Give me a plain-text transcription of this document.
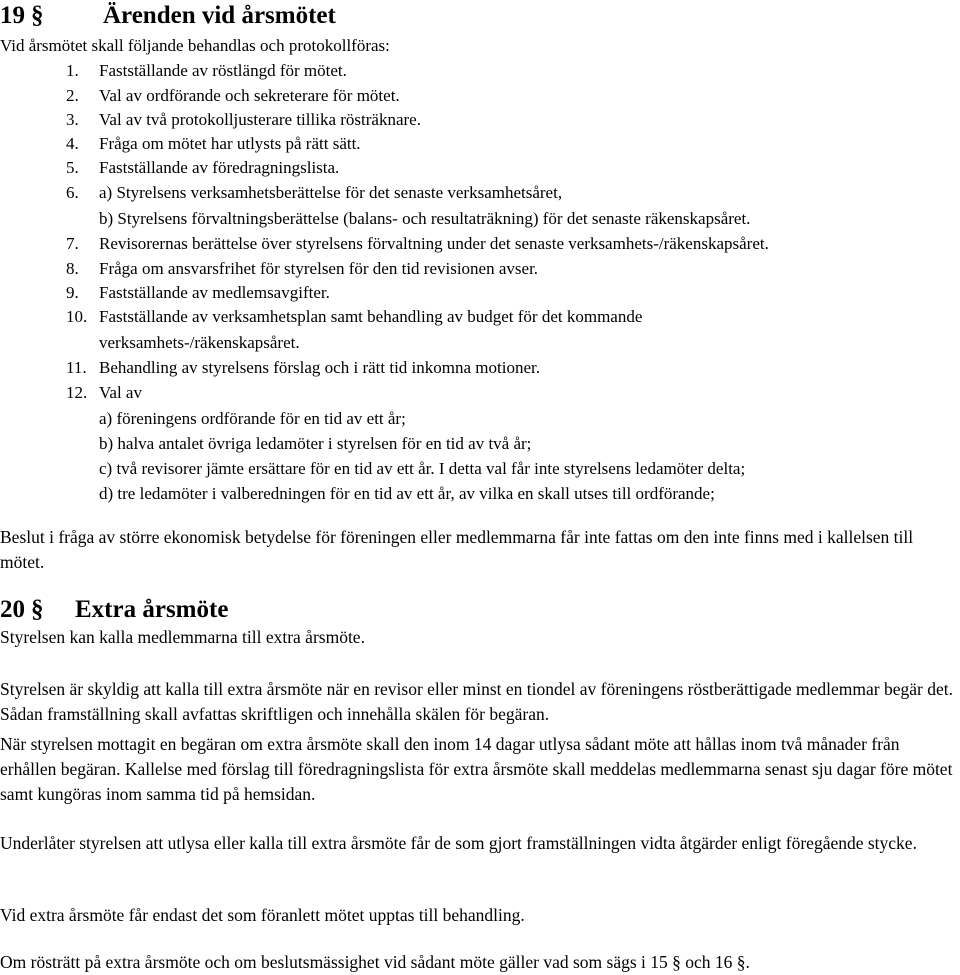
19 § Ärenden vid årsmötet
Vid årsmötet skall följande behandlas och protokollföras:
1. Fastställande av röstlängd för mötet.
2. Val av ordförande och sekreterare för mötet.
3. Val av två protokolljusterare tillika rösträknare.
4. Fråga om mötet har utlysts på rätt sätt.
5. Fastställande av föredragningslista.
6. a) Styrelsens verksamhetsberättelse för det senaste verksamhetsåret,
b) Styrelsens förvaltningsberättelse (balans- och resultaträkning) för det senaste räkenskapsåret.
7. Revisorernas berättelse över styrelsens förvaltning under det senaste verksamhets-/räkenskapsåret.
8. Fråga om ansvarsfrihet för styrelsen för den tid revisionen avser.
9. Fastställande av medlemsavgifter.
10. Fastställande av verksamhetsplan samt behandling av budget för det kommande
verksamhets-/räkenskapsåret.
11. Behandling av styrelsens förslag och i rätt tid inkomna motioner.
12. Val av
a) föreningens ordförande för en tid av ett år;
b) halva antalet övriga ledamöter i styrelsen för en tid av två år;
c) två revisorer jämte ersättare för en tid av ett år. I detta val får inte styrelsens ledamöter delta;
d) tre ledamöter i valberedningen för en tid av ett år, av vilka en skall utses till ordförande;
Beslut i fråga av större ekonomisk betydelse för föreningen eller medlemmarna får inte fattas om den inte finns med i kallelsen till mötet.
20 § Extra årsmöte
Styrelsen kan kalla medlemmarna till extra årsmöte.
Styrelsen är skyldig att kalla till extra årsmöte när en revisor eller minst en tiondel av föreningens röstberättigade medlemmar begär det. Sådan framställning skall avfattas skriftligen och innehålla skälen för begäran.
När styrelsen mottagit en begäran om extra årsmöte skall den inom 14 dagar utlysa sådant möte att hållas inom två månader från erhållen begäran. Kallelse med förslag till föredragningslista för extra årsmöte skall meddelas medlemmarna senast sju dagar före mötet samt kungöras inom samma tid på hemsidan.
Underlåter styrelsen att utlysa eller kalla till extra årsmöte får de som gjort framställningen vidta åtgärder enligt föregående stycke.
Vid extra årsmöte får endast det som föranlett mötet upptas till behandling.
Om rösträtt på extra årsmöte och om beslutsmässighet vid sådant möte gäller vad som sägs i 15 § och 16 §.
